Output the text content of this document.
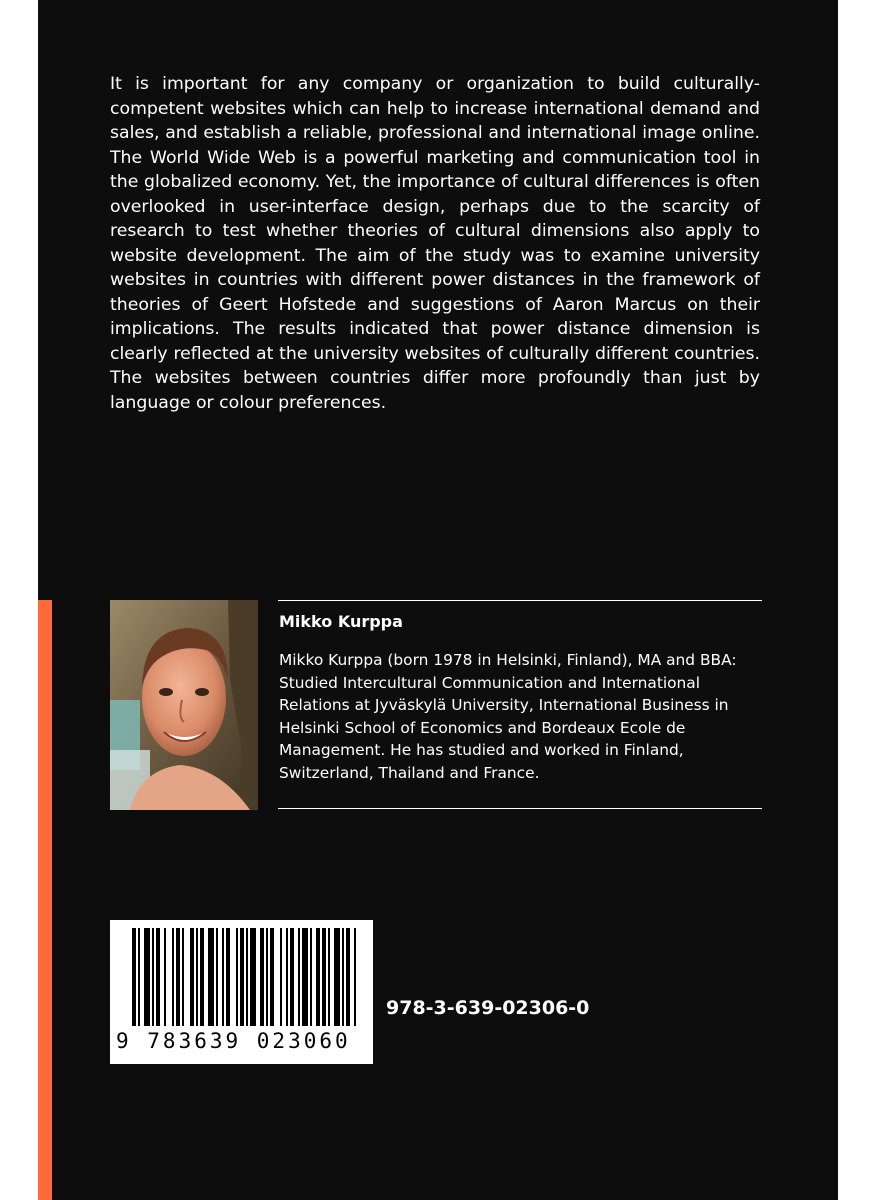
It is important for any company or organization to build culturally-competent websites which can help to increase international demand and sales, and establish a reliable, professional and international image online. The World Wide Web is a powerful marketing and communication tool in the globalized economy. Yet, the importance of cultural differences is often overlooked in user-interface design, perhaps due to the scarcity of research to test whether theories of cultural dimensions also apply to website development. The aim of the study was to examine university websites in countries with different power distances in the framework of theories of Geert Hofstede and suggestions of Aaron Marcus on their implications. The results indicated that power distance dimension is clearly reflected at the university websites of culturally different countries. The websites between countries differ more profoundly than just by language or colour preferences.

Mikko Kurppa

Mikko Kurppa (born 1978 in Helsinki, Finland), MA and BBA: Studied Intercultural Communication and International Relations at Jyväskylä University, International Business in Helsinki School of Economics and Bordeaux Ecole de Management. He has studied and worked in Finland, Switzerland, Thailand and France.

9 783639 023060
978-3-639-02306-0
